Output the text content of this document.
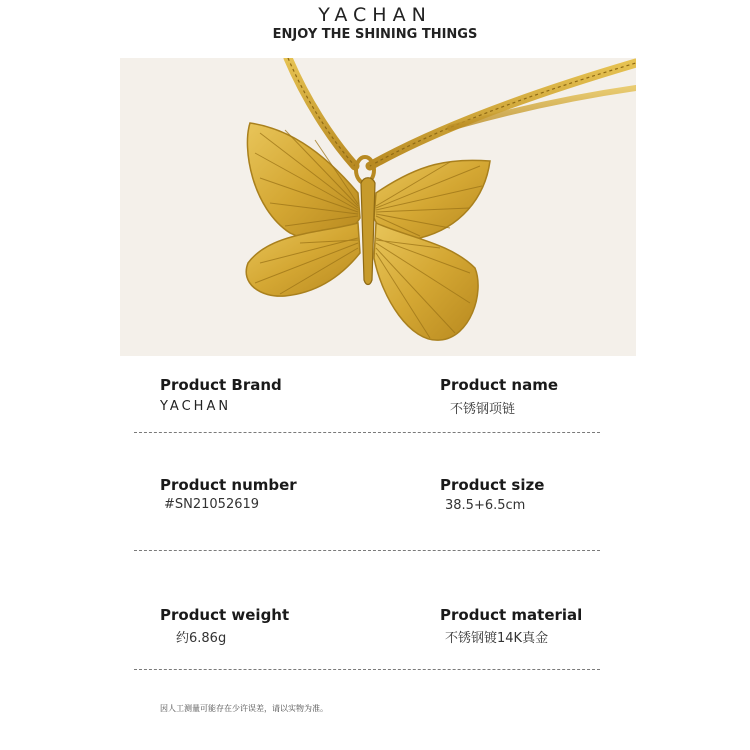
YACHAN
ENJOY THE SHINING THINGS
Product Brand
YACHAN
Product name
不锈钢项链
Product number
#SN21052619
Product size
38.5+6.5cm
Product weight
约6.86g
Product material
不锈钢镀14K真金
因人工测量可能存在少许误差，请以实物为准。
